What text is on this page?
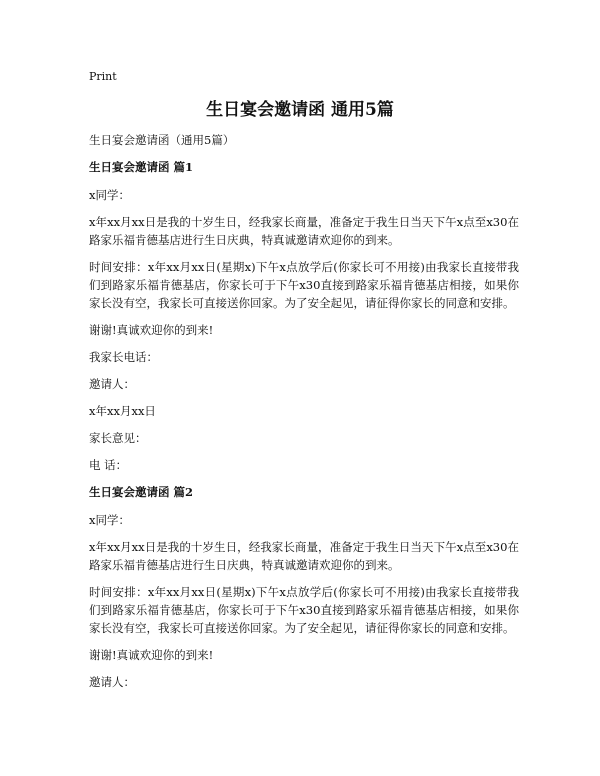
Print
生日宴会邀请函 通用5篇

生日宴会邀请函（通用5篇）

生日宴会邀请函 篇1

x同学：

x年xx月xx日是我的十岁生日，经我家长商量，准备定于我生日当天下午x点至x30在路家乐福肯德基店进行生日庆典，特真诚邀请欢迎你的到来。

时间安排：x年xx月xx日(星期x)下午x点放学后(你家长可不用接)由我家长直接带我们到路家乐福肯德基店，你家长可于下午x30直接到路家乐福肯德基店相接，如果你家长没有空，我家长可直接送你回家。为了安全起见，请征得你家长的同意和安排。

谢谢!真诚欢迎你的到来!

我家长电话：

邀请人：

x年xx月xx日

家长意见：

电 话：

生日宴会邀请函 篇2

x同学：

x年xx月xx日是我的十岁生日，经我家长商量，准备定于我生日当天下午x点至x30在路家乐福肯德基店进行生日庆典，特真诚邀请欢迎你的到来。

时间安排：x年xx月xx日(星期x)下午x点放学后(你家长可不用接)由我家长直接带我们到路家乐福肯德基店，你家长可于下午x30直接到路家乐福肯德基店相接，如果你家长没有空，我家长可直接送你回家。为了安全起见，请征得你家长的同意和安排。

谢谢!真诚欢迎你的到来!

邀请人：
